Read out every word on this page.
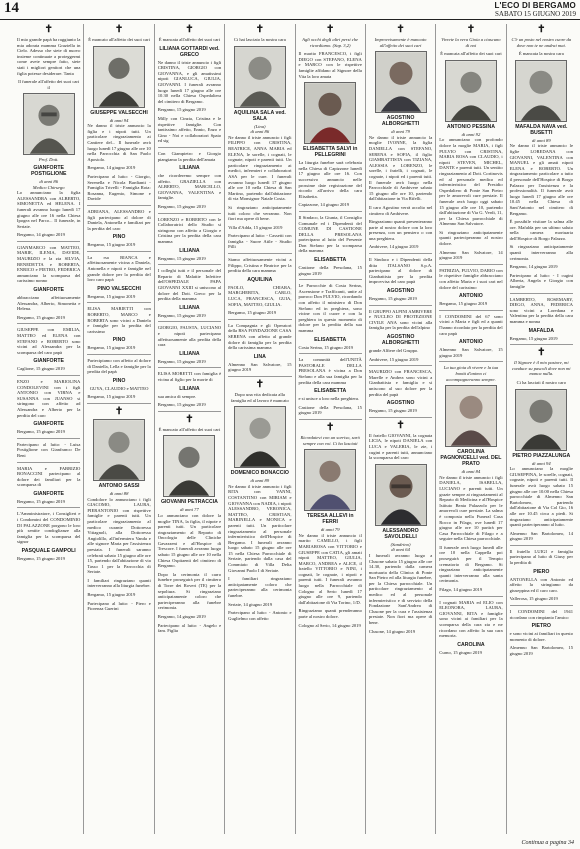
14	L'ECO DI BERGAMO
SABATO 15 GIUGNO 2019
✝

Il mio grande papà ha raggiunto la mia adorata mamma Graziella in Cielo. Adesso che siete di nuovo insieme continuate a proteggermi come avete sempre fatto, siete stati i migliori genitori che una figlia potesse desiderare. Tanta

Il funerale all'affetto dei suoi cari il

Prof. Dott.
GIANFORTE POSTIGLIONE
di anni 86
Medico Chirurgo

Lo annunciano la figlia ALESSANDRA con ALBERTO, SIMONETTA ed HELENA. I funerali avranno luogo lunedì 17 giugno alle ore 16 nella Chiesa Ipogea nel Parco... Il funerale, in Seriate.

Bergamo, 14 giugno 2019

GIANMARCO con MATTEO, MARIE, ILENIA, DAVIDE, MAURIZIO e la zia SILVIA, BENEDETTA e ROBERTA, ENRICO e PIETRO, FEDERICA annunciano la scomparsa del carissimo nonno

GIANFORTE

abbracciano affettuosamente Alessandra, Alberto, Simonetta e Helena.

Bergamo, 15 giugno 2019

GIUSEPPE con EMILIA, MATTEO ed ELENA con STEFANO e ROBERTO sono vicini ad Alessandra per la scomparsa del caro papà

GIANFORTE

Caglione, 15 giugno 2019

ENZO e MARIOLINA CONDOLEVINI con i figli ANTONIO con VIRNA e SUSANNA con JUANSO si stringono con affetto ad Alessandra e Alberto per la perdita del caro

GIANFORTE

Bergamo, 15 giugno 2019

Partecipano al lutto: - Luisa Postiglione con Gianfranco De Beni

MARIA e FABRIZIO BONACCINI partecipano al dolore dei familiari per la scomparsa di

GIANFORTE

Bergamo, 15 giugno 2019

L'Amministratore, i Consiglieri e i Condomini del CONDOMINIO DI PALAZZONE porgono le loro più sentite condoglianze alla famiglia per la scomparsa del signor

PASQUALE GAMPOLI

Bergamo, 15 giugno 2019

✝

È mancato all'affetto dei suoi cari

GIUSEPPE VALSECCHI
di anni 94

Ne danno il triste annuncio la figlia e i nipoti tutti. Un particolare ringraziamento ai Cantiere del... Il funerale avrà luogo lunedì 17 giugno alle ore 10 nella Parrocchia di San Paolo Apostolo.

Bergamo, 14 giugno 2019

Partecipano al lutto: - Giorgio, Serenella e Nicola Bardianti - Famiglia Trivelli - Famiglia Rota: Rosanna, Eugenio, Simone e Davide

ADRIANA, ALESSANDRO e figli partecipano al dolore di Daniela, Antonella e familiari per la perdita del caro

PINO

Bergamo, 15 giugno 2019

La rsa BIANCA e affettuosamente vicina a Daniela, Antonella e nipoti e famiglie nel grande dolore per la perdita del loro caro papà

PINO VALSECCHI

Bergamo, 15 giugno 2019

ELISA MARIETTI con ROBERTO, MARCO e ROBERTA sono vicini a Daniela e famiglie per la perdita del carissimo

PINO

Bergamo, 15 giugno 2019

Partecipiamo con affetto al dolore di Daniella, Lella e famiglie per la perdita del papà

PINO

GUYA, CLAUDIO e MATTEO

Bergamo, 15 giugno 2019

✝
ANTONIO SASSI
di anni 88

Condolore lo annunciano i figli GIACOMO, LAURA, PIERANTONIO con rispettive famiglie e parenti tutti. Un particolare ringraziamento al medico curante Dottoressa Vitiagnoli, alla Dottoressa Angiolillo, all'infermiera Vanda e alle signore Maria per l'assistenza prestata. I funerali saranno celebrati sabato 15 giugno alle ore 15, partendo dall'abitazione di via Tasso 1 per la Parrocchia di Seriate.

I familiari ringraziano quanti interverranno alla liturgia funebre.

Bergamo, 15 giugno 2019

Partecipano al lutto: - Piero e Fiorenza Guerini

✝

È mancata all'affetto dei suoi cari

LILIANA GOTTARDI ved. GRECO

Ne danno il triste annuncio i figli CRISTINA, GIORGIO con GIOVANNA, e gli amatissimi nipoti GIANLUCA, GIULIA, GIOVANNI. I funerali avranno luogo lunedì 17 giugno alle ore 10.30 nella Chiesa Ospedaliera del cimitero di Bergamo.

Bergamo, 15 giugno 2019

Milly con Cinzia, Cristina e le rispettive famiglie. Con tantissimo affetto, Ennio, Enzo e Gino - Noi e collaboratori Spaio ed sig

Con Giampietro e Giorgio piangiamo la perdita dell'amata

LILIANA

che ricorderemo sempre con affetto. GRAZIELLA con ALBERTO, MARCELLO, GIOVANNA, VALENTINA e famiglie.

Bergamo, 15 giugno 2019

LORENZO e ROBERTO con le Collaboratrici dello Studio si stringono con affetto a Giorgio e Cristina per la perdita della cara mamma

LILIANA

Bergamo, 15 giugno 2019

I colleghi tutti e il personale del Reparto di Malattie Infettive dell'OSPEDALE PAPA GIOVANNI XXIII si uniscono al dolore del Dott. Greco per la perdita della mamma

LILIANA

Bergamo, 15 giugno 2019

GIORGIO, FAUSTA, LUCIANO e nipoti partecipano affettuosamente alla perdita della cara

LILIANA

Bergamo, 15 giugno 2019

ELISA MORETTI con famiglia è vicina al figlio per la morte di

LILIANA

sua amica di sempre.

Bergamo, 15 giugno 2019

✝

È mancato all'affetto dei suoi cari

GIOVANNI PETRACCIA
di anni 77

Lo annunciano con dolore la moglie TINA, la figlia, il nipote e parenti tutti. Un particolare ringraziamento al Reparto di Oncologia delle Cliniche Gavazzeni e all'Hospice di Trescore. I funerali avranno luogo sabato 15 giugno alle ore 10 nella Chiesa Ospitaenti del cimitero di Bergamo.

Dopo la cerimonia il carro funebre proseguirà per il cimitero di Torre dei Roveri (TE) per la sepoltura. Si ringraziano anticipatamente coloro che parteciperanno alla funebre cerimonia.

Bergamo, 14 giugno 2019

Partecipano al lutto: - Angelo e fam. Figlia

✝

Ci hai lasciato la nostra cara

AQUILINA SALA ved. SALA
(Lina)
di anni 86

Ne danno il triste annuncio i figli FILIPPO con CRISTINA, BEATRICE, ANNA MARIA ed ELENA, le sorelle, i cognati, le cognate, nipoti e parenti tutti. Un particolare ringraziamento ai medici, infermieri e collaboratori ASA per le cure. I funerali avranno luogo lunedì 17 giugno alle ore 10 nella Chiesa di San Martino, partendo dall'abitazione di via Monsignor Natale Costa.

Si ringraziano anticipatamente tutti coloro che verranno. Non fiori ma opere di bene.

Villa d'Adda, 15 giugno 2019

Partecipano al lutto: - Cassetti con famiglia - Suore Atile - Studio Pilli

Siamo affettuosamente vicini a Filippo, Cristina e Beatrice per la perdita della cara mamma

AQUILINA

PAOLO, CHIARA, MARGHERITA, CARLO, LUCA, FRANCESCA, GUIA, SOFIA, MATTEO, GIULIA.

Bergamo, 15 giugno 2019

La Compagnia e gli Operatori della RSA FONDAZIONE CASA SERENA con affetto al grande dolore di famiglia per la perdita della carissima mamma

LINA

Almenno San Salvatore, 15 giugno 2019

✝

Dopo una vita dedicata alla famiglia ed al lavoro è mancato

DOMENICO BONACCIO
di anni 89

Ne danno il triste annuncio i figli RITA con VANNI, COSTANTINO con MIRIAM e GIOVANNA con NADIA, i nipoti ALESSANDRO, VERONICA, MATTEO, CRISTIAN, MARINELLA e MONICA e parenti tutti. Un particolare ringraziamento al personale infermieristico dell'Hospice di Bergamo. I funerali avranno luogo sabato 15 giugno alle ore 15 nella Chiesa Parrocchiale di Seriate, partendo dalla casa del Commiato di Villa Delta Giovanni Paolo I di Seriate.

I familiari ringraziano anticipatamente coloro che parteciperanno alla cerimonia funebre.

Seriate, 14 giugno 2019

Partecipano al lutto: - Antonio e Guglielmo con affetto

✝

Agli occhi degli altri persi che ricordiamo. (Sap. 3,2)

Il marito FRANCESCO, i figli DIEGO con STEFANO, ELENA e MARCO con le rispettive famiglie affidano al Signore della Vita la loro amata

ELISABETTA SALVI in PELLEGRINI

La liturgia funebre sarà celebrata nella Chiesa di Capizzone lunedì 17 giugno alle ore 16. Con successivo annuncio nelle prossime date registrazione del ricordo all'arrivo della cara Elisabetta.

Capizzone, 14 giugno 2019

Il Sindaco, la Giunta, il Consiglio Comunale ed i Dipendenti del COMUNE DI CASTIONE DELLA PRESOLANA partecipano al lutto del Presente Don Stefano per la scomparsa della mamma

ELISABETTA

Castione della Presolana, 15 giugno 2019

Le Parrocchie di Costa Serina, Ascensione e Trafficanti, unite al parroco Don FULVIO, ricordando con affetto il ministero di Don Stefano ed in preghiera, sono vicine con il cuore e con la preghiera in questo momento di dolore per la perdita della sua mamma

ELISABETTA

Costa Serina, 15 giugno 2019

La comunità dell'UNITÀ PASTORALE DELLA PRESOLANA è vicina a Don Stefano e alla sua famiglia per la perdita della cara mamma

ELISABETTA

e si unisce a loro nella preghiera.

Castione della Presolana, 15 giugno 2019

✝

Ricordatevi con un sorriso, sarò sempre con voi. Ci ha lasciati

TERESA ALLEVI in FERRI
di anni 79

Ne danno il triste annuncio il marito CAMILLO, i figli MARIAROSA con VITTORIO e GIUSEPPE con CATIA, gli amati nipoti MATTEO, GIULIA, MARCO, ANDREA e ALICE, il fratello VITTORIO e NINI, i cognati, le cognate, i nipoti e parenti tutti. I funerali avranno luogo nella Parrocchiale di Cologno al Serio lunedì 17 giugno alle ore 9, partendo dall'abitazione di Via Torino, 1/D.

Ringraziamo quanti prenderanno parte al nostro dolore.

Cologno al Serio, 14 giugno 2019

✝

Improvvisamente è mancato all'affetto dei suoi cari

AGOSTINO ALBORGHETTI
di anni 79

Ne danno il triste annuncio la moglie IVONNE, la figlia DANIELLA con STEFANO, SERENA e SOFIA, il figlio GIAMBATTISTA con TIZIANA, ALESSIA e LORENZO, le sorelle, i fratelli, i cognati, le cognate, i nipoti ed i parenti tutti. Il funerale avrà luogo nella Parrocchiale di Ambivere sabato 15 giugno alle ore 10, partendo dall'abitazione in Via Rifelli.

Il caro Agostino verrà accolto nel cimitero di Ambivere.

Ringraziamo quanti presenteranno parte al nostro dolore con la loro presenza, con un pensiero o con una preghiera.

Ambivere, 14 giugno 2019

Il Sindaco e i Dipendenti della ditta ITALSANO S.p.A. partecipano al dolore di Gianbattista per la perdita improvvisa del caro papà

AGOSTINO

Bergamo, 15 giugno 2019

Il GRUPPO ALPINI AMBIVERE e NUCLEO DI PROTEZIONE CIVILE ANA sono vicini alla famiglia per la perdita dell'alpino

AGOSTINO ALBORGHETTI

grande Alfiere del Gruppo.

Ambivere, 15 giugno 2019

MAURIZIO con FRANCESCA, Marelle e Andrea sono vicini a Gianbattista e famiglia e si uniscono al suo dolore per la perdita del papà

AGOSTINO

Bergamo, 15 giugno 2019

✝

Il fratello GIOVANNI, la cognata LICIA, le nipoti DANIELA con LUCA e VALERIA, le zie, i cugini e parenti tutti, annunciano la scomparsa del caro

ALESSANDRO SAVOLDELLI
(Sandrino)
di anni 64

I funerali avranno luogo a Clusone sabato 15 giugno alle ore 14.30, partendo dalla camera mortuaria della Clinica di Ponte San Pietro ed alla liturgia funebre, per la Chiesa parrocchiale. Un particolare ringraziamento al medico ed al personale infermieristico e di servizio della Fondazione Sant'Andrea di Clusone per la cura e l'assistenza prestate. Non fiori ma opere di bene.

Clusone, 14 giugno 2019

✝

Vivrete la vera Gioia a ciascuno di noi

È mancata all'affetto dei suoi cari

ANTONIO PESSINA
di anni 92

Lo annunciano con profondo dolore la moglie MARIA, i figli PULVIO con CRISTINA, MARIA ROSA con CLAUDIO, i nipoti STEVEN, MICHEL, DANTE e parenti tutti. Un sentito ringraziamento al Dott. Cortinovis ed al personale medico ed infermieristico del Presidio Ospedaliero di Ponte San Pietro per le amorevoli cure prestate. Il funerale avrà luogo oggi sabato 15 giugno alle ore 10, partendo dall'abitazione di Via G. Verdi, 11, per la Chiesa parrocchiale di Almenno San Salvatore.

Si ringraziano anticipatamente quanti parteciperanno al nostro dolore.

Almenno San Salvatore, 14 giugno 2019

PATRIZIA, FULVIO, DARIO con le rispettive famiglie abbracciano con affetto Maria e i suoi cari nel dolore del carissimo

ANTONIO

Bergamo, 15 giugno 2019

I CONDOMINI del 67 sono vicini a Maria e figli ed a quanti l'hanno ricordato per la perdita del caro papà

ANTONIO

Almenno San Salvatore, 15 giugno 2019

La tua gioia di vivere e la tua bontà d'animo ci accompagneranno sempre.

CAROLINA PAGNONCELLI ved. DEL PRATO
di anni 84

Ne danno il triste annuncio i figli DANIELA, ISABELLA, LUCIANO e parenti tutti. Un grazie sempre ai ringraziamenti al Reparto di Medicina e all'Hospice Istituto Beata Palazzolo per le amorevoli cure prestate. La salma è composta nella Funeral Casa Rocco in Filago, ove lunedì 17 giugno alle ore 10 partirà per Casa Parrocchiale di Filago e a seguire nella Chiesa parrocchiale.

Il funerale avrà luogo lunedì alle ore 10 nella Cappella poi proseguirà per il Tempio crematorio di Bergamo. Si ringraziano anticipatamente quanti interverranno alla santa cerimonia.

Filago, 14 giugno 2019

I cognati MARIA ed ELIO con ELEONORA, LAURA, GIOVANNI, RITA e famiglie sono vicini ai familiari per la scomparsa della cara zia e ne ricordano con affetto la sua cara memoria.

CAROLINA

Curno, 15 giugno 2019

✝

C'è un posto nel nostro cuore da dove non te ne andrai mai.

È mancata la nostra cara

MAFALDA NAVA ved. BUSETTI
di anni 89

Ne danno il triste annuncio le figlie LOREDANA con GIOVANNI, VALENTINA con MANUEL e gli amati nipoti ELENA e ROBERTO. Un ringraziamento particolare a tutto il personale dell'Hospice di Borgo Palazzo per l'assistenza e la professionalità. Il funerale avrà luogo lunedì 17 giugno alle ore 10.45 nella Chiesa di Sant'Antonio nel cimitero di Bergamo.

È possibile visitare la salma alle ore. Mafalda per un ultimo saluto nella camera mortuaria dell'Hospice di Borgo Palazzo.

Si ringraziano anticipatamente quanti interverranno alla cerimonia.

Bergamo, 14 giugno 2019

Partecipano al lutto: - I cugini Alberta, Angela e Giorgio con famiglie

LAMBERTO, ROSEMARY, DIEGO, ANNA, FEDERICA sono vicini a Loredana e Valentina per la perdita della cara mamma e nonna

MAFALDA

Bergamo, 15 giugno 2019

✝

Il Signore è il mio pastore, mi conduce su pascoli dove non mi manca nulla.

Ci ha lasciati il nostro caro

PIETRO PIAZZALUNGA
di anni 94

Lo annunciano la moglie GIUSEPPINA, le sorelle, cognati, cognate, nipoti e parenti tutti. Il funerale avrà luogo sabato 15 giugno alle ore 10.00 nella Chiesa parrocchiale di Almenno San Bartolomeo, partendo dall'abitazione di Via Col Gio, 16 alle ore 10.45 circa a piedi. Si ringraziano anticipatamente quanti parteciperanno al lutto.

Almenno San Bartolomeo, 14 giugno 2019

Il fratello LUIGI e famiglia partecipano al lutto di Giusy per la perdita di

PIERO

ANTONELLA con Antonio ed affetto la stringiamo da giuseppina ed il caro caro.

Vallerosa, 15 giugno 2019

I CONDOMINI del 1941 ricordano con rimpianto l'amico

PIETRO

e sono vicini ai familiari in questo momento di dolore.

Almenno San Bartolomeo, 15 giugno 2019

Continua a pagina 34
